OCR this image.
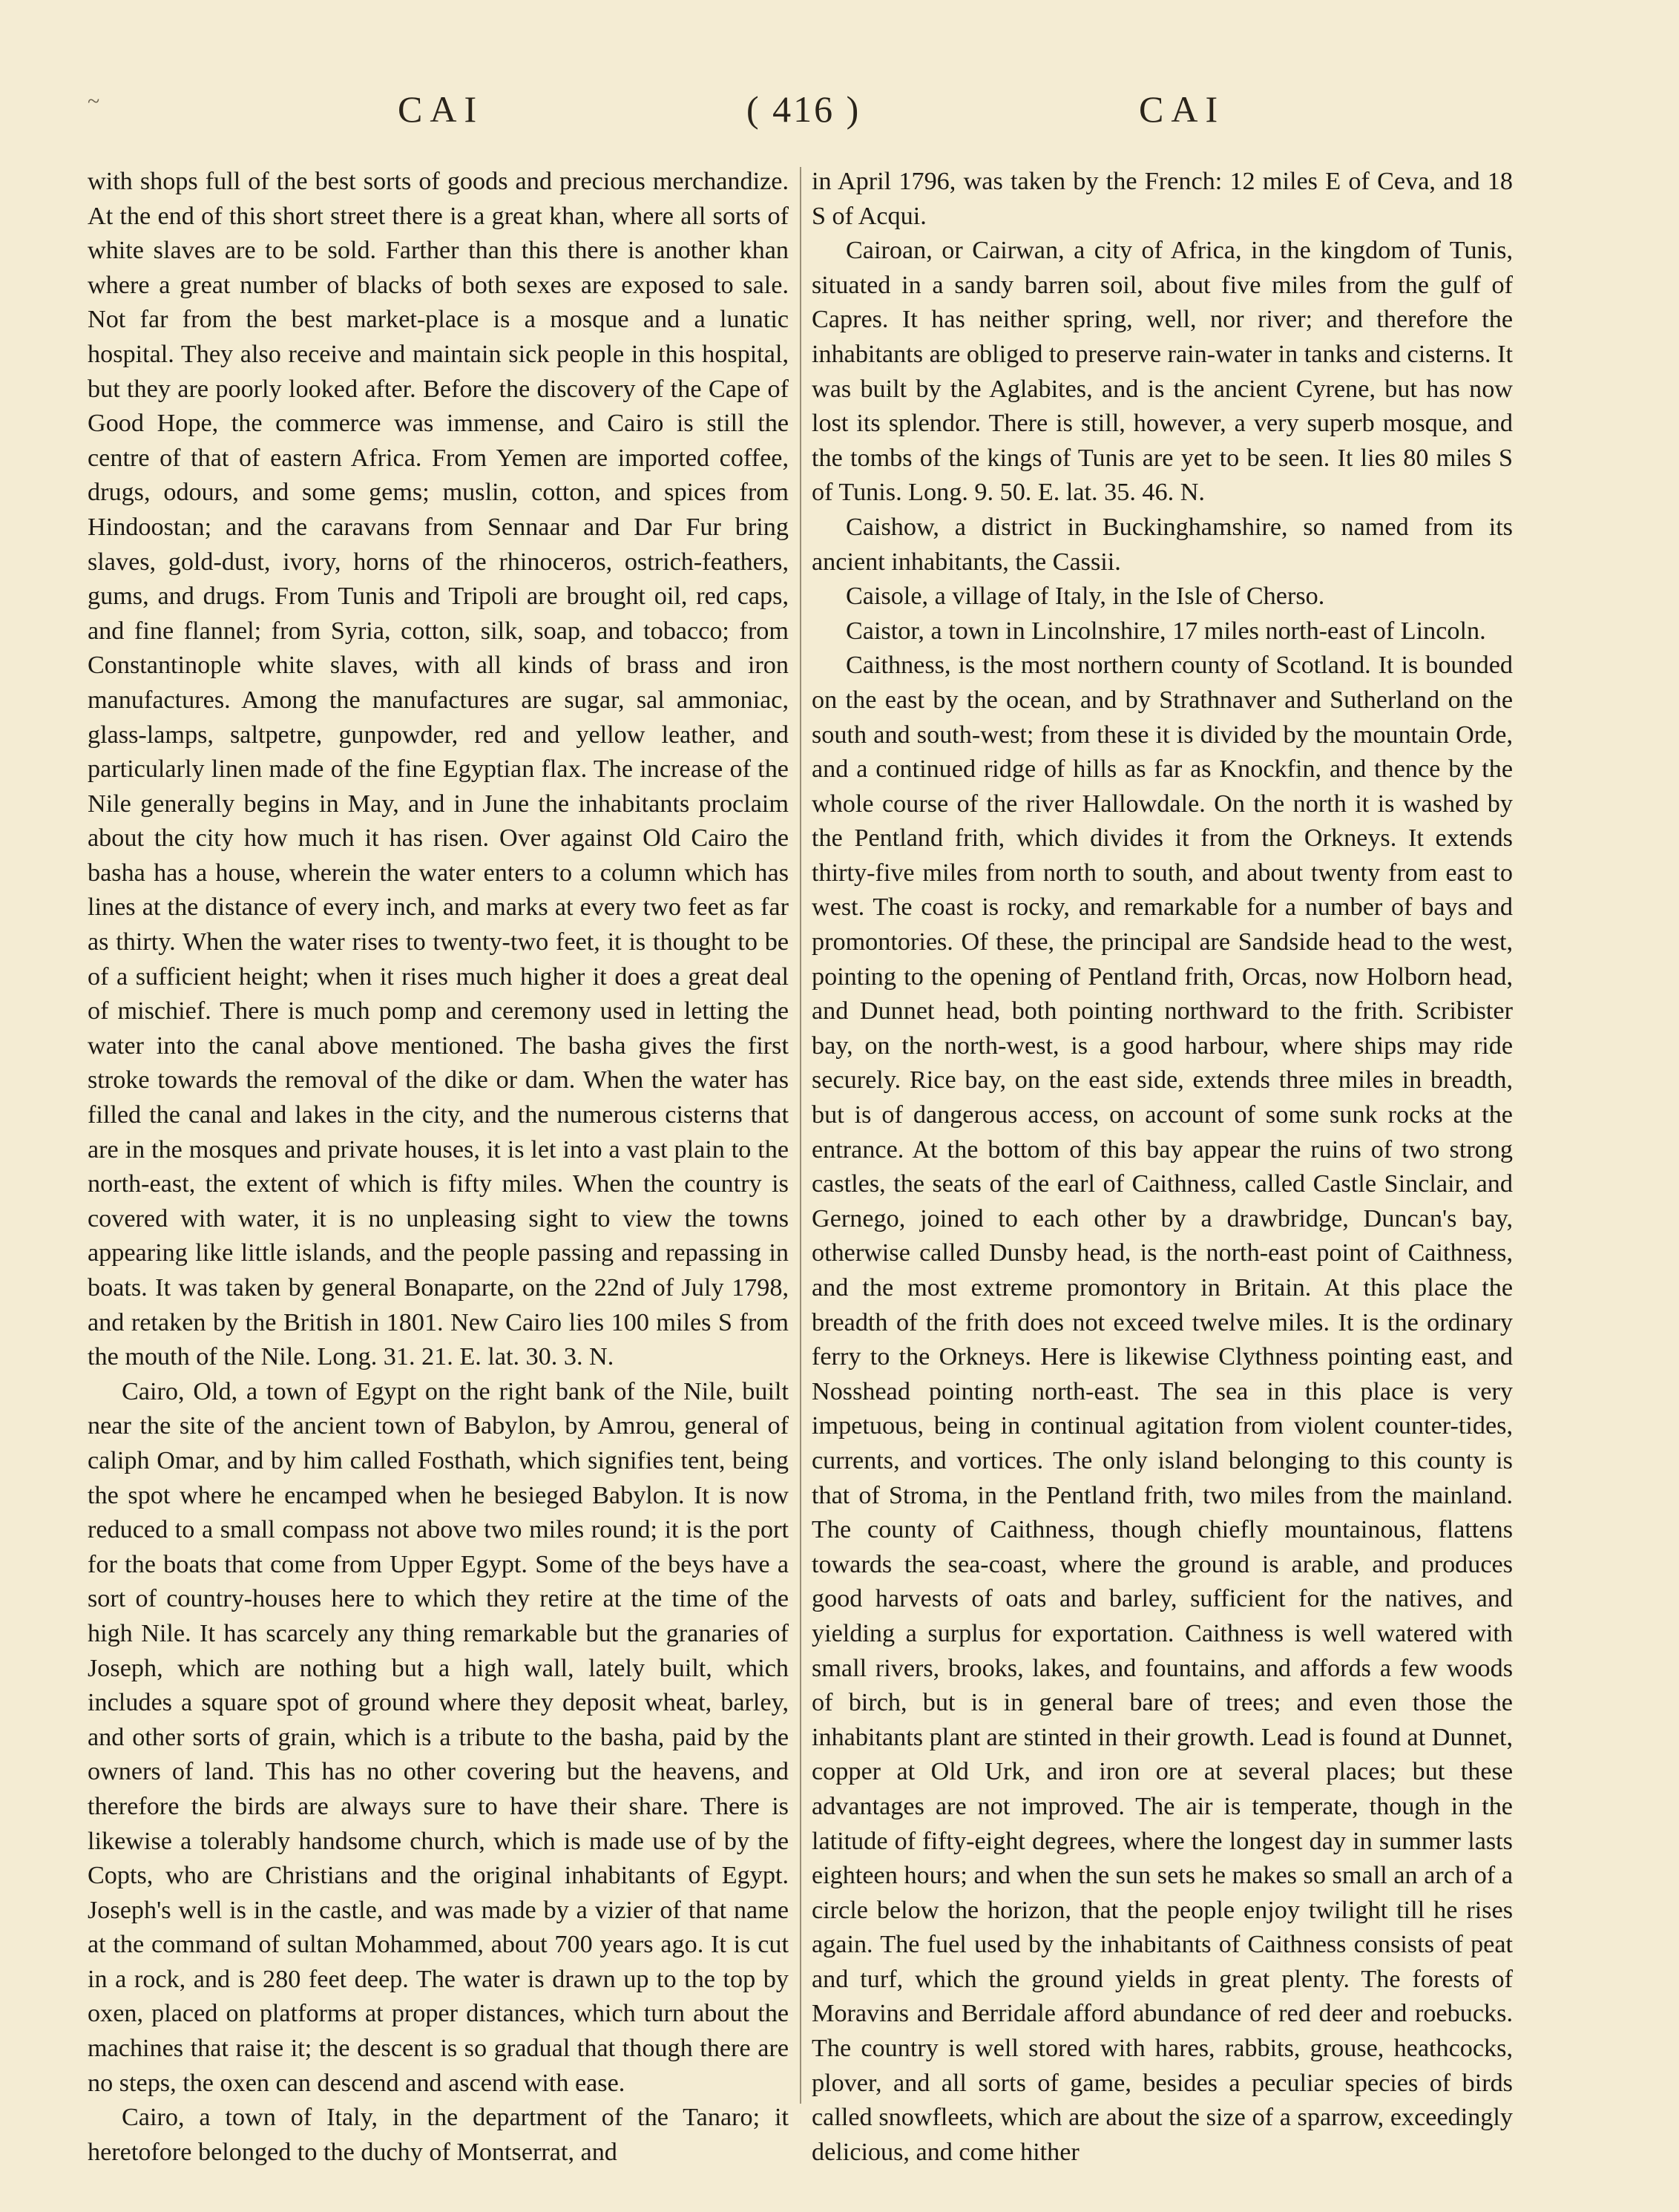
~	CAI	( 416 )	CAI

with shops full of the best sorts of goods and precious merchandize. At the end of this short street there is a great khan, where all sorts of white slaves are to be sold. Farther than this there is another khan where a great number of blacks of both sexes are exposed to sale. Not far from the best market-place is a mosque and a lunatic hospital. They also receive and maintain sick people in this hospital, but they are poorly looked after. Before the discovery of the Cape of Good Hope, the commerce was immense, and Cairo is still the centre of that of eastern Africa. From Yemen are imported coffee, drugs, odours, and some gems; muslin, cotton, and spices from Hindoostan; and the caravans from Sennaar and Dar Fur bring slaves, gold-dust, ivory, horns of the rhinoceros, ostrich-feathers, gums, and drugs. From Tunis and Tripoli are brought oil, red caps, and fine flannel; from Syria, cotton, silk, soap, and tobacco; from Constantinople white slaves, with all kinds of brass and iron manufactures. Among the manufactures are sugar, sal ammoniac, glass-lamps, saltpetre, gunpowder, red and yellow leather, and particularly linen made of the fine Egyptian flax. The increase of the Nile generally begins in May, and in June the inhabitants proclaim about the city how much it has risen. Over against Old Cairo the basha has a house, wherein the water enters to a column which has lines at the distance of every inch, and marks at every two feet as far as thirty. When the water rises to twenty-two feet, it is thought to be of a sufficient height; when it rises much higher it does a great deal of mischief. There is much pomp and ceremony used in letting the water into the canal above mentioned. The basha gives the first stroke towards the removal of the dike or dam. When the water has filled the canal and lakes in the city, and the numerous cisterns that are in the mosques and private houses, it is let into a vast plain to the north-east, the extent of which is fifty miles. When the country is covered with water, it is no unpleasing sight to view the towns appearing like little islands, and the people passing and repassing in boats. It was taken by general Bonaparte, on the 22nd of July 1798, and retaken by the British in 1801. New Cairo lies 100 miles S from the mouth of the Nile. Long. 31. 21. E. lat. 30. 3. N.

Cairo, Old, a town of Egypt on the right bank of the Nile, built near the site of the ancient town of Babylon, by Amrou, general of caliph Omar, and by him called Fosthath, which signifies tent, being the spot where he encamped when he besieged Babylon. It is now reduced to a small compass not above two miles round; it is the port for the boats that come from Upper Egypt. Some of the beys have a sort of country-houses here to which they retire at the time of the high Nile. It has scarcely any thing remarkable but the granaries of Joseph, which are nothing but a high wall, lately built, which includes a square spot of ground where they deposit wheat, barley, and other sorts of grain, which is a tribute to the basha, paid by the owners of land. This has no other covering but the heavens, and therefore the birds are always sure to have their share. There is likewise a tolerably handsome church, which is made use of by the Copts, who are Christians and the original inhabitants of Egypt. Joseph's well is in the castle, and was made by a vizier of that name at the command of sultan Mohammed, about 700 years ago. It is cut in a rock, and is 280 feet deep. The water is drawn up to the top by oxen, placed on platforms at proper distances, which turn about the machines that raise it; the descent is so gradual that though there are no steps, the oxen can descend and ascend with ease.

Cairo, a town of Italy, in the department of the Tanaro; it heretofore belonged to the duchy of Montserrat, and

in April 1796, was taken by the French: 12 miles E of Ceva, and 18 S of Acqui.

Cairoan, or Cairwan, a city of Africa, in the kingdom of Tunis, situated in a sandy barren soil, about five miles from the gulf of Capres. It has neither spring, well, nor river; and therefore the inhabitants are obliged to preserve rain-water in tanks and cisterns. It was built by the Aglabites, and is the ancient Cyrene, but has now lost its splendor. There is still, however, a very superb mosque, and the tombs of the kings of Tunis are yet to be seen. It lies 80 miles S of Tunis. Long. 9. 50. E. lat. 35. 46. N.

Caishow, a district in Buckinghamshire, so named from its ancient inhabitants, the Cassii.

Caisole, a village of Italy, in the Isle of Cherso.

Caistor, a town in Lincolnshire, 17 miles north-east of Lincoln.

Caithness, is the most northern county of Scotland. It is bounded on the east by the ocean, and by Strathnaver and Sutherland on the south and south-west; from these it is divided by the mountain Orde, and a continued ridge of hills as far as Knockfin, and thence by the whole course of the river Hallowdale. On the north it is washed by the Pentland frith, which divides it from the Orkneys. It extends thirty-five miles from north to south, and about twenty from east to west. The coast is rocky, and remarkable for a number of bays and promontories. Of these, the principal are Sandside head to the west, pointing to the opening of Pentland frith, Orcas, now Holborn head, and Dunnet head, both pointing northward to the frith. Scribister bay, on the north-west, is a good harbour, where ships may ride securely. Rice bay, on the east side, extends three miles in breadth, but is of dangerous access, on account of some sunk rocks at the entrance. At the bottom of this bay appear the ruins of two strong castles, the seats of the earl of Caithness, called Castle Sinclair, and Gernego, joined to each other by a drawbridge, Duncan's bay, otherwise called Dunsby head, is the north-east point of Caithness, and the most extreme promontory in Britain. At this place the breadth of the frith does not exceed twelve miles. It is the ordinary ferry to the Orkneys. Here is likewise Clythness pointing east, and Nosshead pointing north-east. The sea in this place is very impetuous, being in continual agitation from violent counter-tides, currents, and vortices. The only island belonging to this county is that of Stroma, in the Pentland frith, two miles from the mainland. The county of Caithness, though chiefly mountainous, flattens towards the sea-coast, where the ground is arable, and produces good harvests of oats and barley, sufficient for the natives, and yielding a surplus for exportation. Caithness is well watered with small rivers, brooks, lakes, and fountains, and affords a few woods of birch, but is in general bare of trees; and even those the inhabitants plant are stinted in their growth. Lead is found at Dunnet, copper at Old Urk, and iron ore at several places; but these advantages are not improved. The air is temperate, though in the latitude of fifty-eight degrees, where the longest day in summer lasts eighteen hours; and when the sun sets he makes so small an arch of a circle below the horizon, that the people enjoy twilight till he rises again. The fuel used by the inhabitants of Caithness consists of peat and turf, which the ground yields in great plenty. The forests of Moravins and Berridale afford abundance of red deer and roebucks. The country is well stored with hares, rabbits, grouse, heathcocks, plover, and all sorts of game, besides a peculiar species of birds called snowfleets, which are about the size of a sparrow, exceedingly delicious, and come hither
